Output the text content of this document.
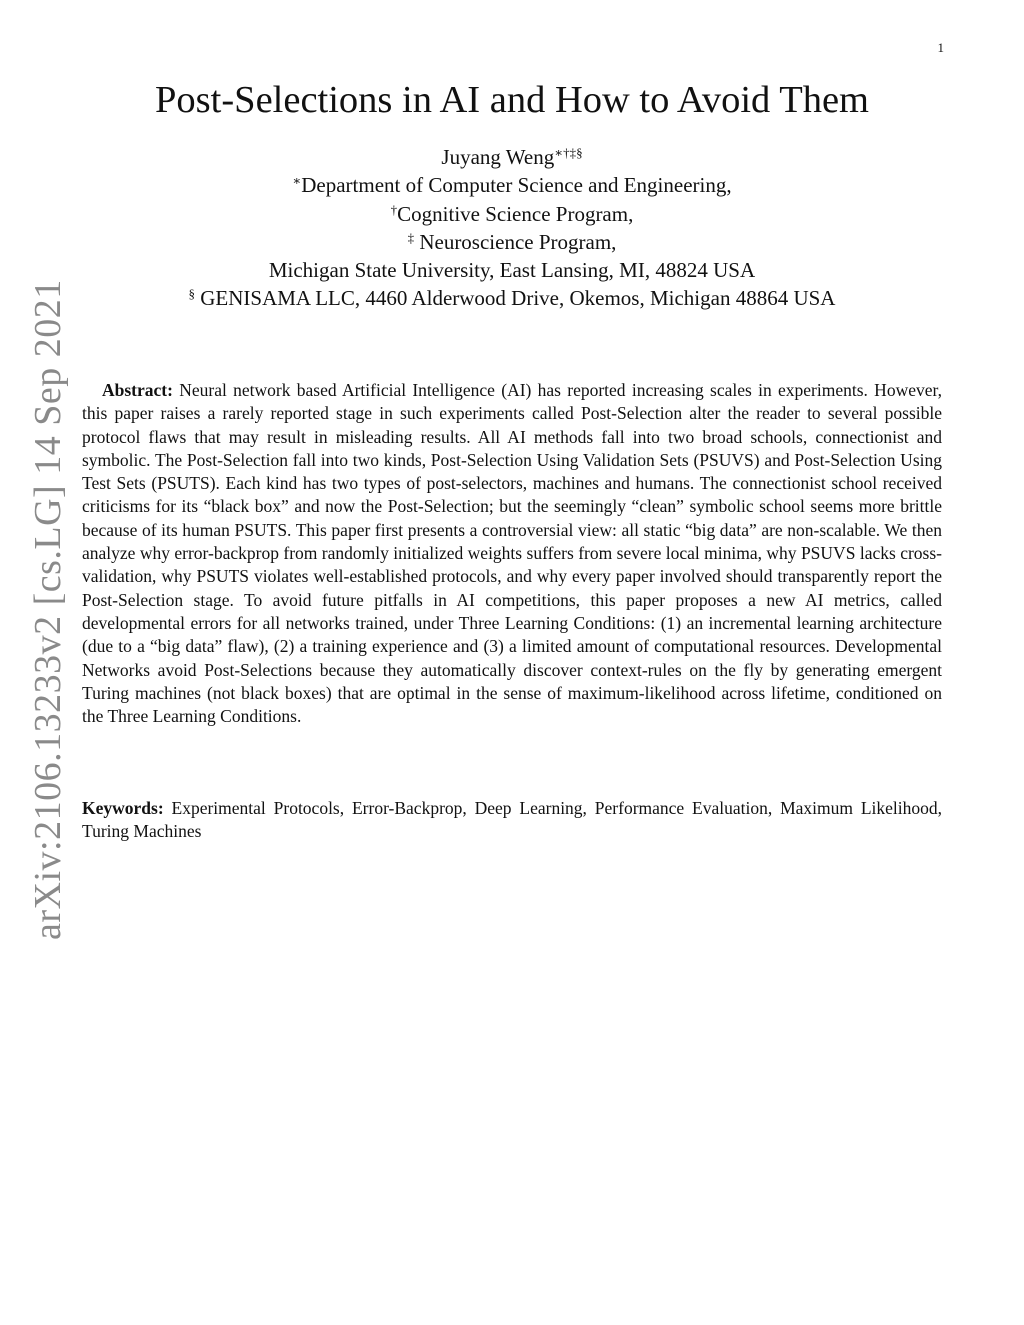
1
arXiv:2106.13233v2 [cs.LG] 14 Sep 2021
Post-Selections in AI and How to Avoid Them
Juyang Weng∗†‡§
∗Department of Computer Science and Engineering,
†Cognitive Science Program,
‡ Neuroscience Program,
Michigan State University, East Lansing, MI, 48824 USA
§ GENISAMA LLC, 4460 Alderwood Drive, Okemos, Michigan 48864 USA

Abstract: Neural network based Artificial Intelligence (AI) has reported increasing scales in experiments. However, this paper raises a rarely reported stage in such experiments called Post-Selection alter the reader to several possible protocol flaws that may result in misleading results. All AI methods fall into two broad schools, connectionist and symbolic. The Post-Selection fall into two kinds, Post-Selection Using Validation Sets (PSUVS) and Post-Selection Using Test Sets (PSUTS). Each kind has two types of post-selectors, machines and humans. The connectionist school received criticisms for its “black box” and now the Post-Selection; but the seemingly “clean” symbolic school seems more brittle because of its human PSUTS. This paper first presents a controversial view: all static “big data” are non-scalable. We then analyze why error-backprop from randomly initialized weights suffers from severe local minima, why PSUVS lacks cross-validation, why PSUTS violates well-established protocols, and why every paper involved should transparently report the Post-Selection stage. To avoid future pitfalls in AI competitions, this paper proposes a new AI metrics, called developmental errors for all networks trained, under Three Learning Conditions: (1) an incremental learning architecture (due to a “big data” flaw), (2) a training experience and (3) a limited amount of computational resources. Developmental Networks avoid Post-Selections because they automatically discover context-rules on the fly by generating emergent Turing machines (not black boxes) that are optimal in the sense of maximum-likelihood across lifetime, conditioned on the Three Learning Conditions.

Keywords: Experimental Protocols, Error-Backprop, Deep Learning, Performance Evaluation, Maximum Likelihood, Turing Machines
